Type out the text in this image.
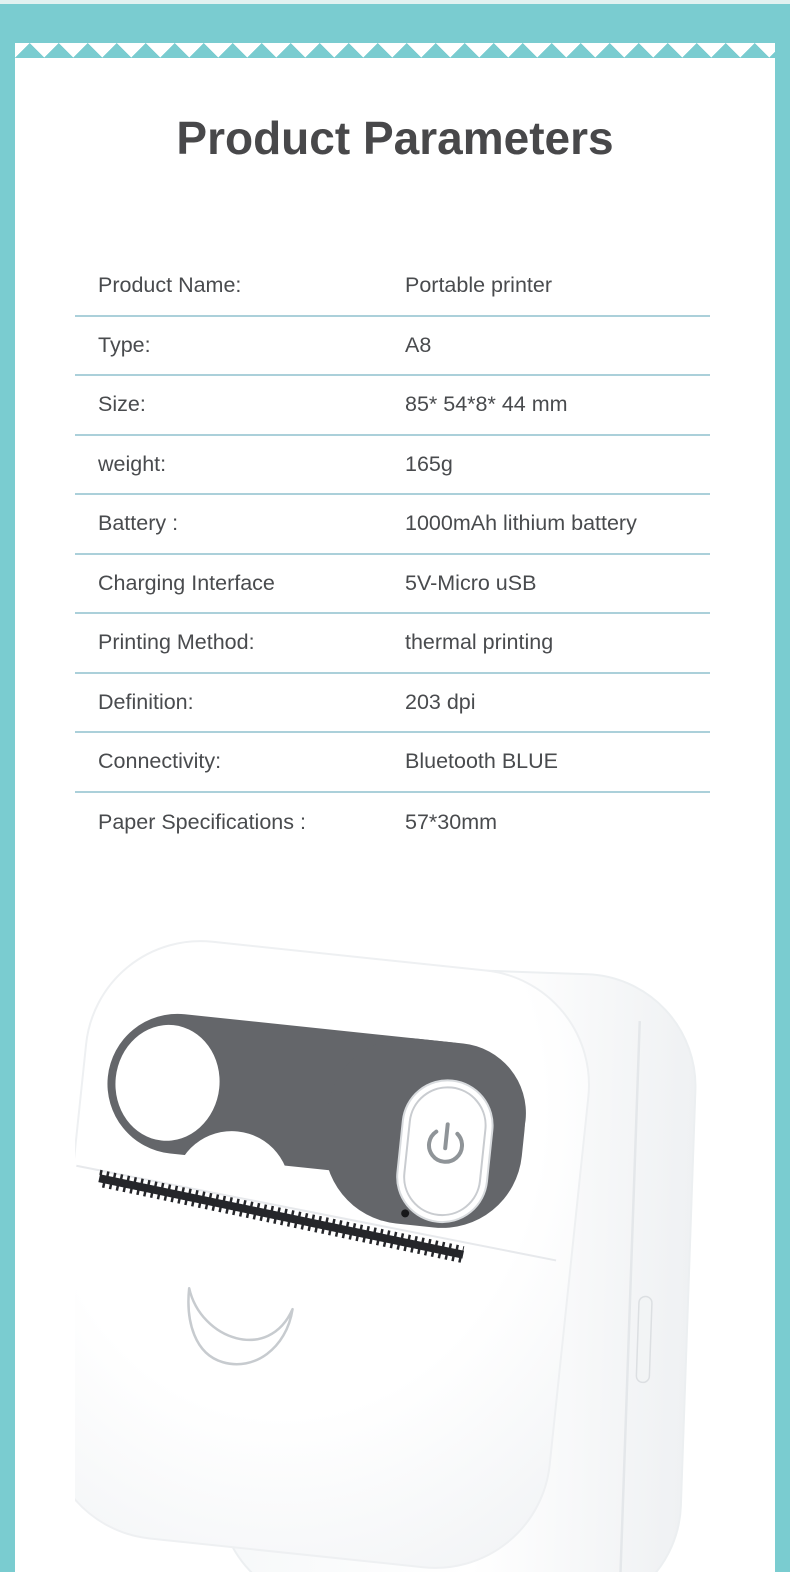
Product Parameters
Product Name:	Portable printer
Type:	A8
Size:	85* 54*8* 44 mm
weight:	165g
Battery :	1000mAh lithium battery
Charging Interface	5V-Micro uSB
Printing Method:	thermal printing
Definition:	203 dpi
Connectivity:	Bluetooth BLUE
Paper Specifications :	57*30mm
